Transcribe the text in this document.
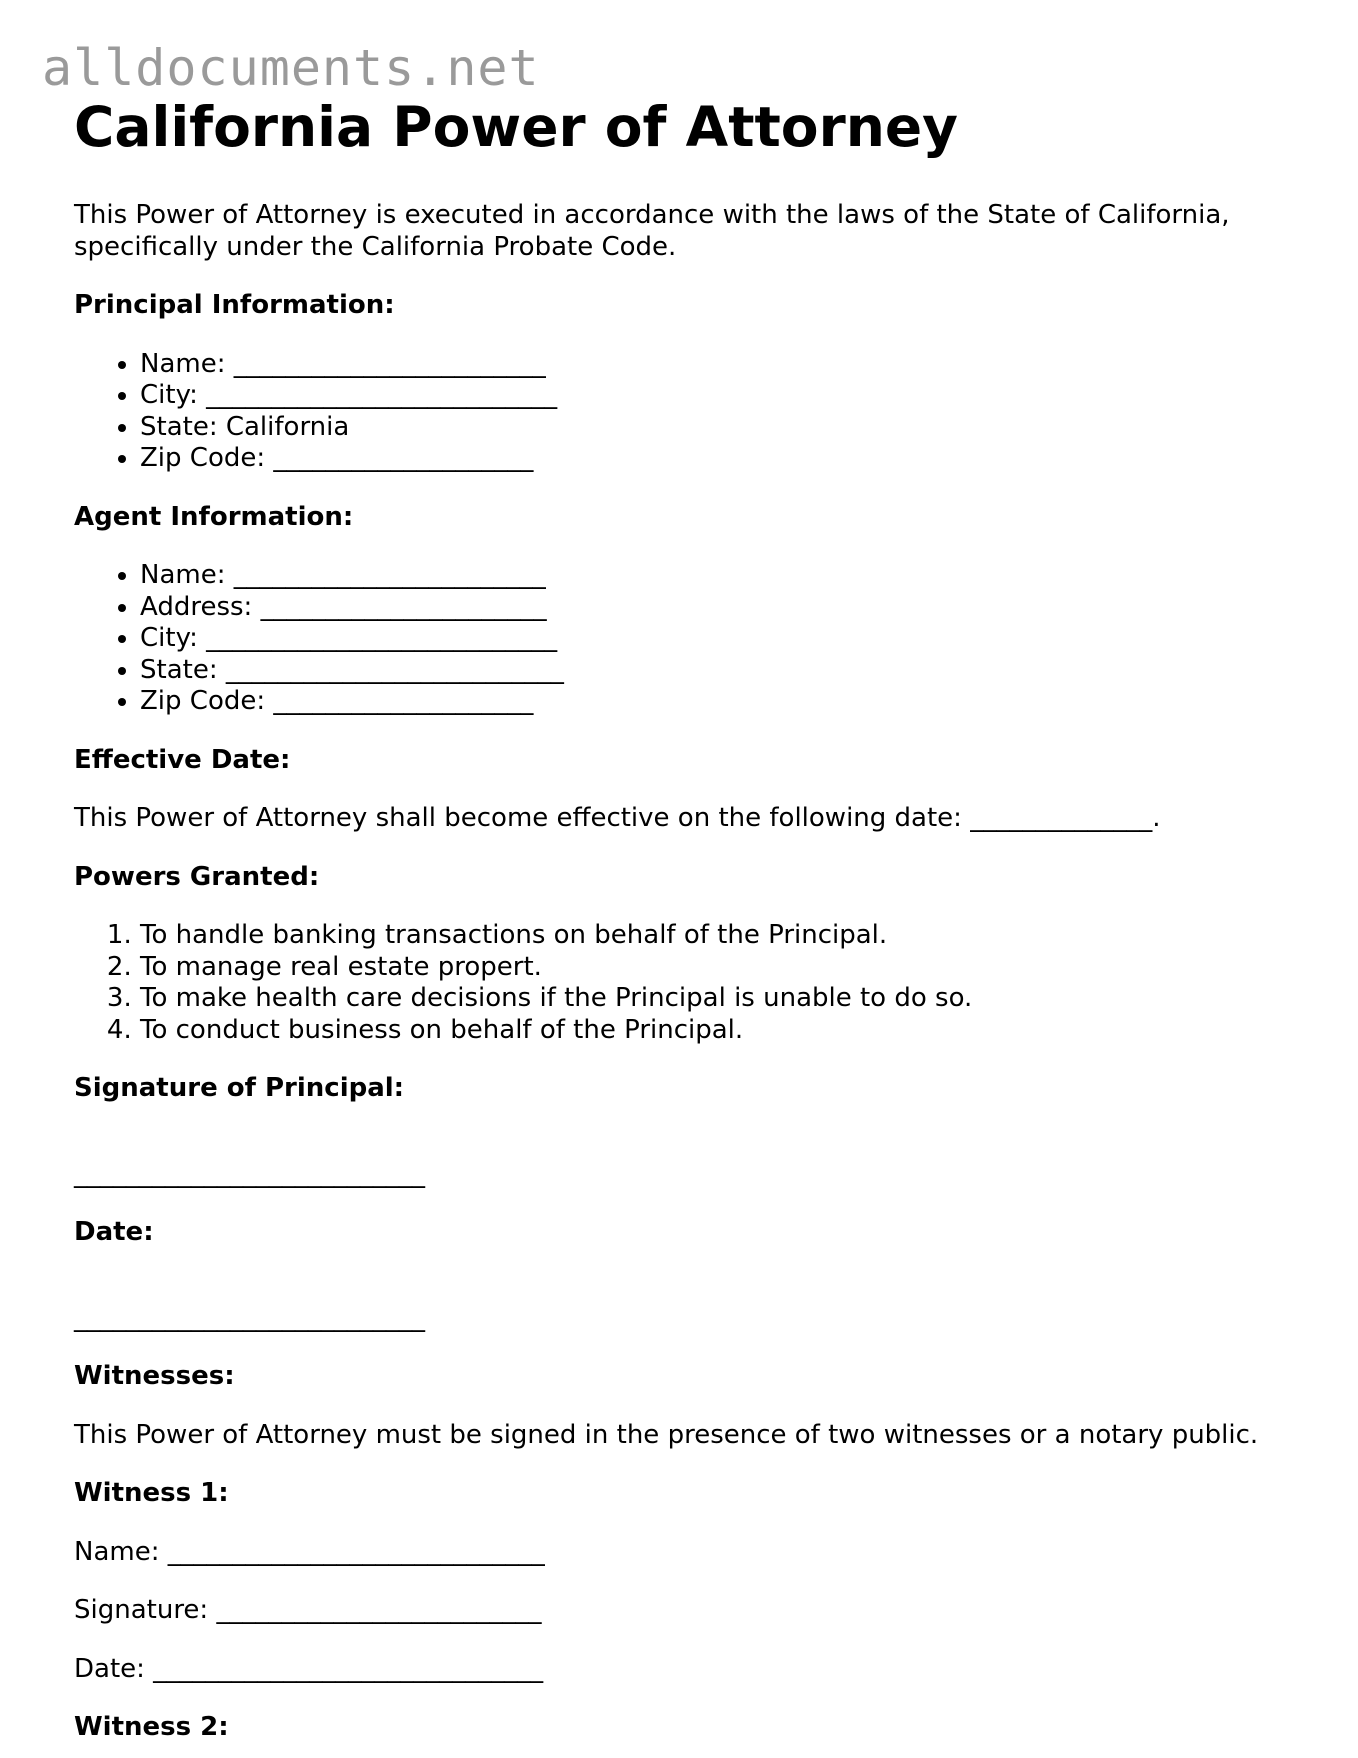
alldocuments.net
California Power of Attorney

This Power of Attorney is executed in accordance with the laws of the State of California, specifically under the California Probate Code.

Principal Information:
• Name: ________________________
• City: ___________________________
• State: California
• Zip Code: ____________________
Agent Information:
• Name: ________________________
• Address: ______________________
• City: ___________________________
• State: __________________________
• Zip Code: ____________________
Effective Date:

This Power of Attorney shall become effective on the following date: ______________.

Powers Granted:
1. To handle banking transactions on behalf of the Principal.
2. To manage real estate propert.
3. To make health care decisions if the Principal is unable to do so.
4. To conduct business on behalf of the Principal.
Signature of Principal:

___________________________

Date:

___________________________

Witnesses:

This Power of Attorney must be signed in the presence of two witnesses or a notary public.

Witness 1:

Name: _____________________________

Signature: _________________________

Date: ______________________________

Witness 2:
